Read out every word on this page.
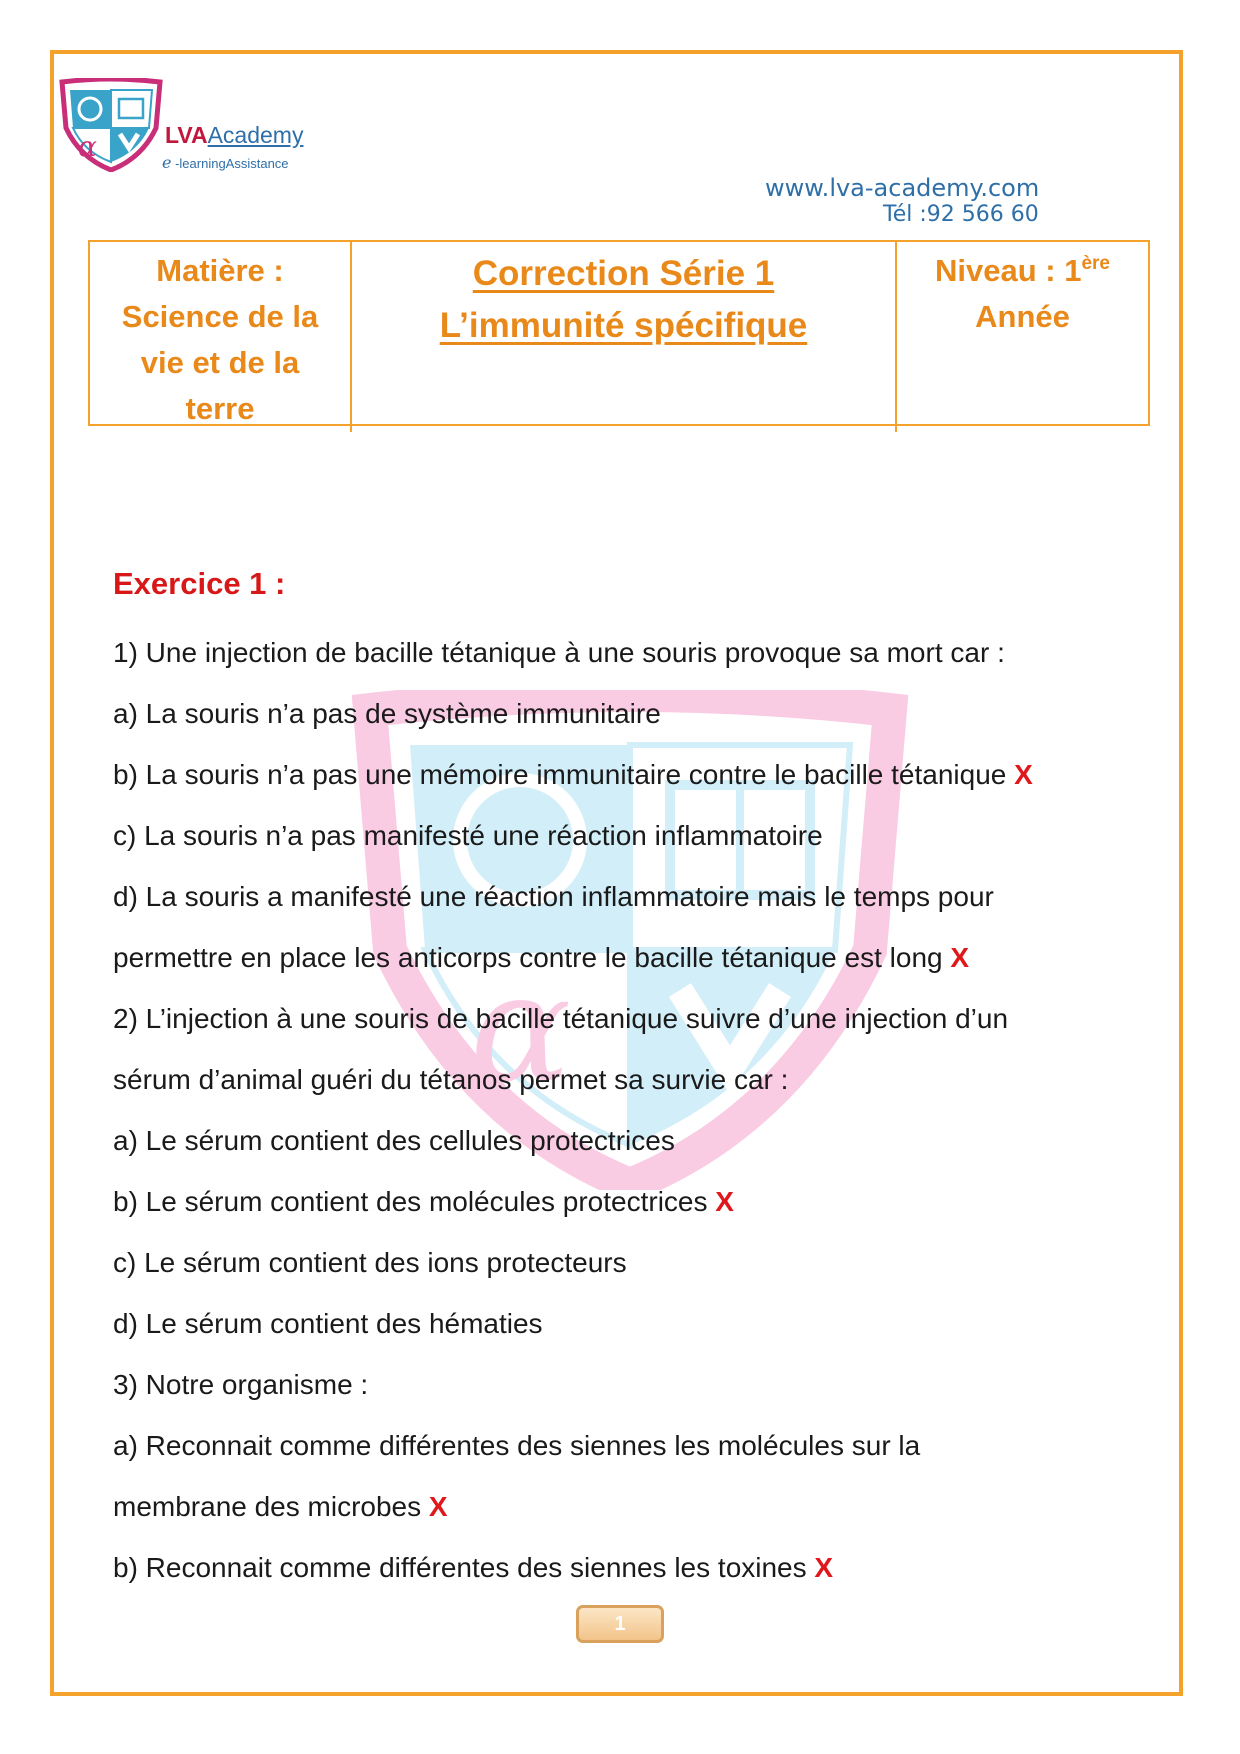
α
α	LVAAcademy
e -learningAssistance
www.lva-academy.com
Tél :92 566 60
Matière :
Science de la
vie et de la
terre
Correction Série 1
L’immunité spécifique
Niveau : 1ère
Année
Exercice 1 :
1) Une injection de bacille tétanique à une souris provoque sa mort car :
a) La souris n’a pas de système immunitaire
b) La souris n’a pas une mémoire immunitaire contre le bacille tétanique X
c) La souris n’a pas manifesté une réaction inflammatoire
d) La souris a manifesté une réaction inflammatoire mais le temps pour
permettre en place les anticorps contre le bacille tétanique est long X
2) L’injection à une souris de bacille tétanique suivre d’une injection d’un
sérum d’animal guéri du tétanos permet sa survie car :
a) Le sérum contient des cellules protectrices
b) Le sérum contient des molécules protectrices X
c) Le sérum contient des ions protecteurs
d) Le sérum contient des hématies
3) Notre organisme :
a) Reconnait comme différentes des siennes les molécules sur la
membrane des microbes X
b) Reconnait comme différentes des siennes les toxines X
1
